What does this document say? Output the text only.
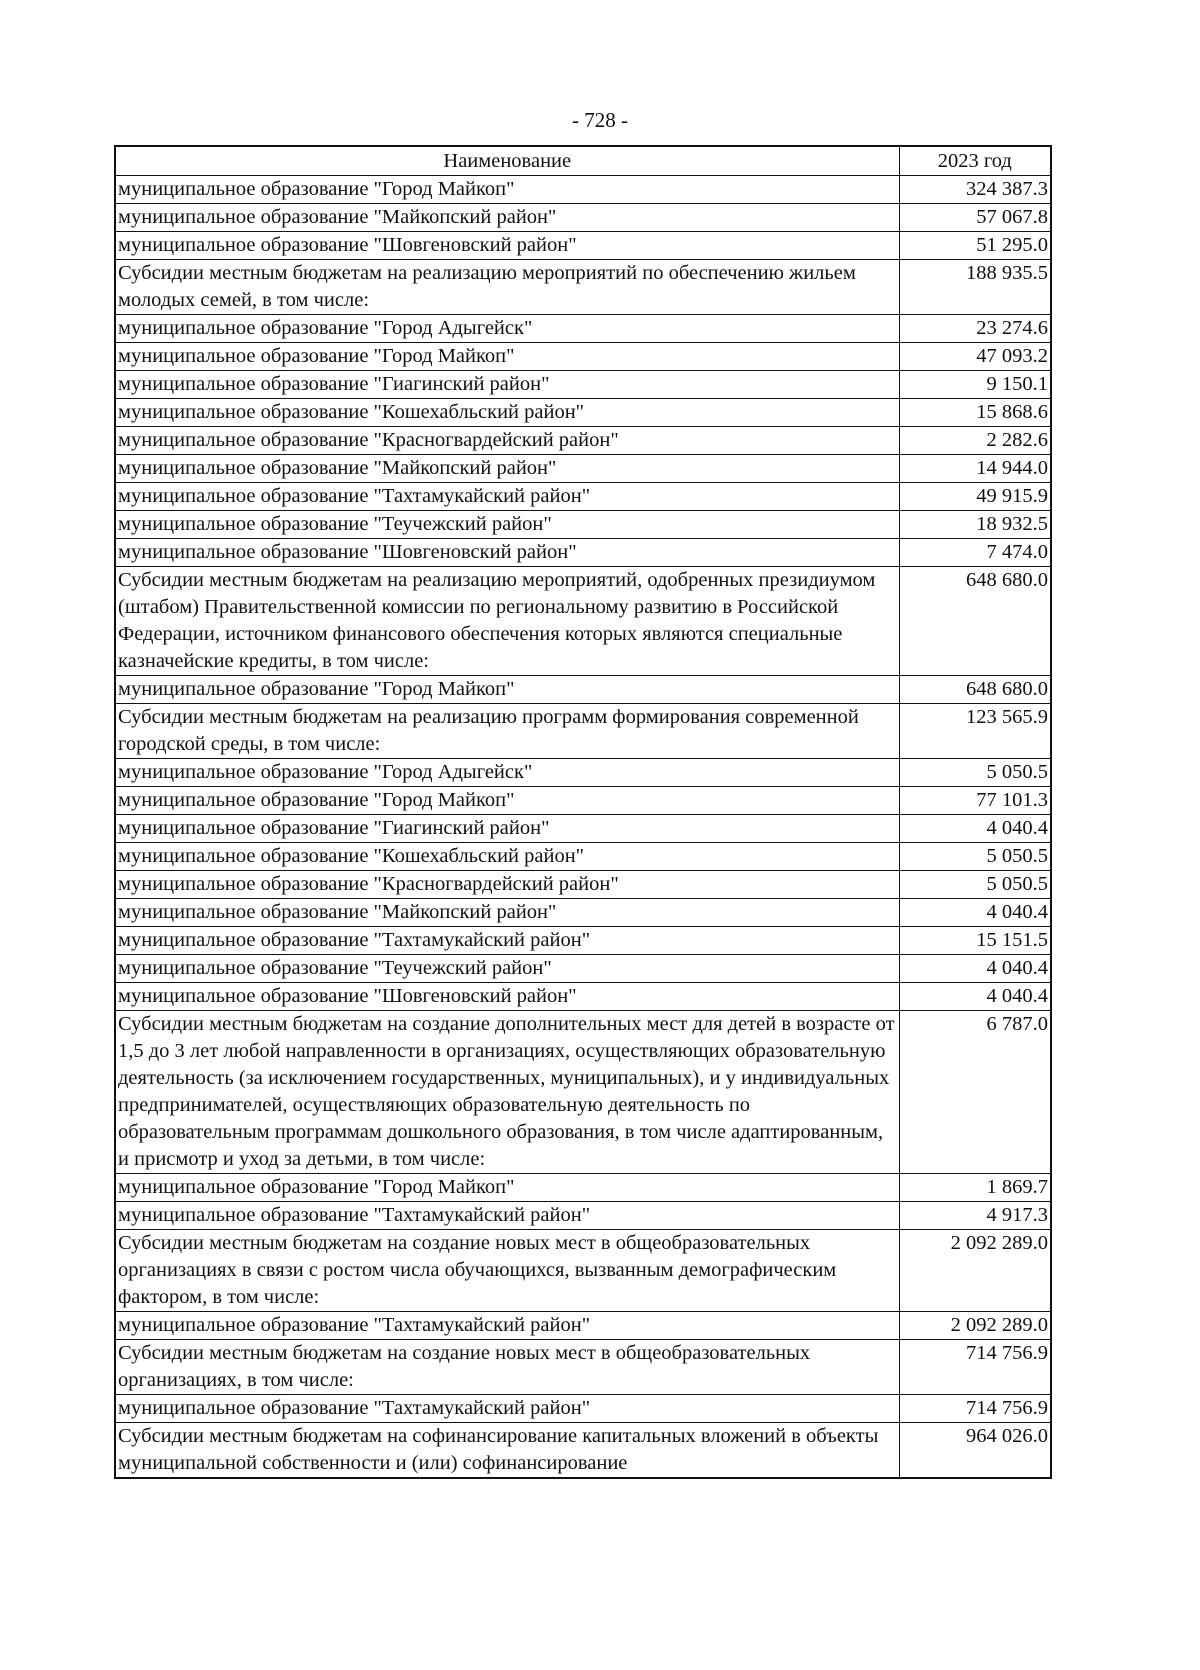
- 728 -
Наименование	2023 год
муниципальное образование "Город Майкоп"	324 387.3
муниципальное образование "Майкопский район"	57 067.8
муниципальное образование "Шовгеновский район"	51 295.0
Субсидии местным бюджетам на реализацию мероприятий по обеспечению жильем молодых семей, в том числе:	188 935.5
муниципальное образование "Город Адыгейск"	23 274.6
муниципальное образование "Город Майкоп"	47 093.2
муниципальное образование "Гиагинский район"	9 150.1
муниципальное образование "Кошехабльский район"	15 868.6
муниципальное образование "Красногвардейский район"	2 282.6
муниципальное образование "Майкопский район"	14 944.0
муниципальное образование "Тахтамукайский район"	49 915.9
муниципальное образование "Теучежский район"	18 932.5
муниципальное образование "Шовгеновский район"	7 474.0
Субсидии местным бюджетам на реализацию мероприятий, одобренных президиумом (штабом) Правительственной комиссии по региональному развитию в Российской Федерации, источником финансового обеспечения которых являются специальные казначейские кредиты, в том числе:	648 680.0
муниципальное образование "Город Майкоп"	648 680.0
Субсидии местным бюджетам на реализацию программ формирования современной городской среды, в том числе:	123 565.9
муниципальное образование "Город Адыгейск"	5 050.5
муниципальное образование "Город Майкоп"	77 101.3
муниципальное образование "Гиагинский район"	4 040.4
муниципальное образование "Кошехабльский район"	5 050.5
муниципальное образование "Красногвардейский район"	5 050.5
муниципальное образование "Майкопский район"	4 040.4
муниципальное образование "Тахтамукайский район"	15 151.5
муниципальное образование "Теучежский район"	4 040.4
муниципальное образование "Шовгеновский район"	4 040.4
Субсидии местным бюджетам на создание дополнительных мест для детей в возрасте от 1,5 до 3 лет любой направленности в организациях, осуществляющих образовательную деятельность (за исключением государственных, муниципальных), и у индивидуальных предпринимателей, осуществляющих образовательную деятельность по образовательным программам дошкольного образования, в том числе адаптированным, и присмотр и уход за детьми, в том числе:	6 787.0
муниципальное образование "Город Майкоп"	1 869.7
муниципальное образование "Тахтамукайский район"	4 917.3
Субсидии местным бюджетам на создание новых мест в общеобразовательных организациях в связи с ростом числа обучающихся, вызванным демографическим фактором, в том числе:	2 092 289.0
муниципальное образование "Тахтамукайский район"	2 092 289.0
Субсидии местным бюджетам на создание новых мест в общеобразовательных организациях, в том числе:	714 756.9
муниципальное образование "Тахтамукайский район"	714 756.9
Субсидии местным бюджетам на софинансирование капитальных вложений в объекты муниципальной собственности и (или) софинансирование	964 026.0
